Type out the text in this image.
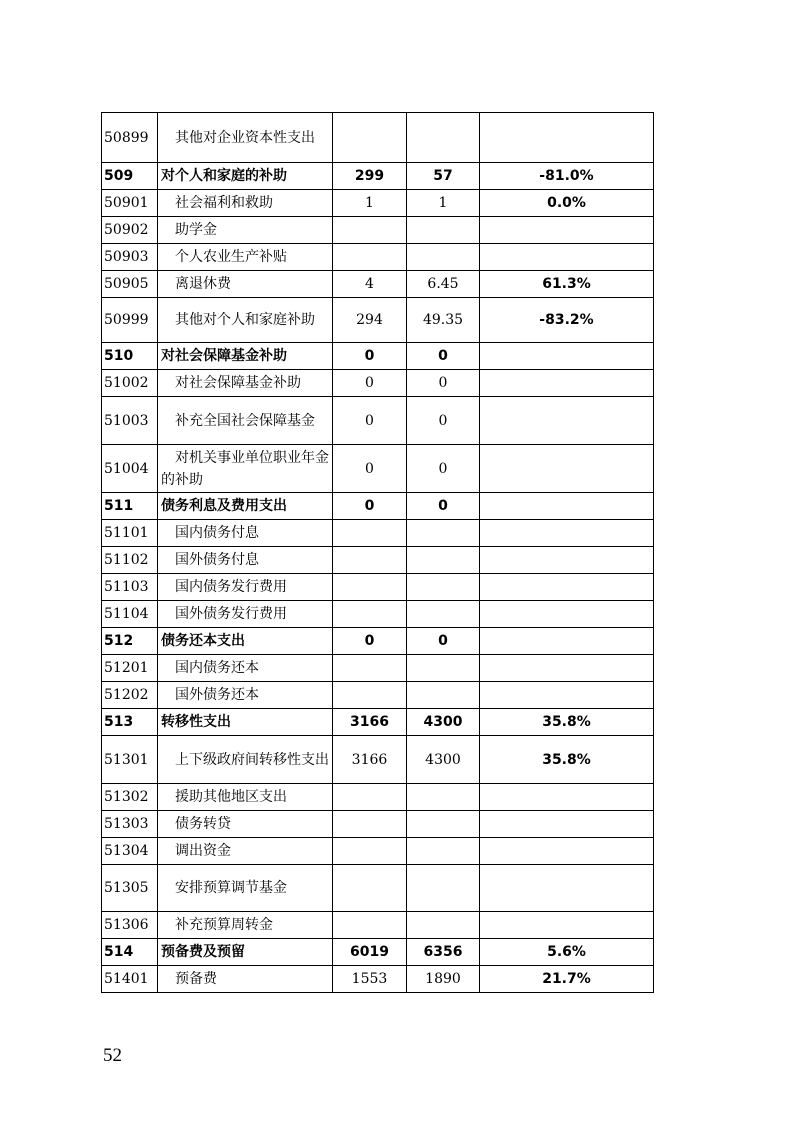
50899	其他对企业资本性支出			
509	对个人和家庭的补助	299	57	-81.0%
50901	社会福利和救助	1	1	0.0%
50902	助学金			
50903	个人农业生产补贴			
50905	离退休费	4	6.45	61.3%
50999	其他对个人和家庭补助	294	49.35	-83.2%
510	对社会保障基金补助	0	0	
51002	对社会保障基金补助	0	0	
51003	补充全国社会保障基金	0	0	
51004	对机关事业单位职业年金的补助	0	0	
511	债务利息及费用支出	0	0	
51101	国内债务付息			
51102	国外债务付息			
51103	国内债务发行费用			
51104	国外债务发行费用			
512	债务还本支出	0	0	
51201	国内债务还本			
51202	国外债务还本			
513	转移性支出	3166	4300	35.8%
51301	上下级政府间转移性支出	3166	4300	35.8%
51302	援助其他地区支出			
51303	债务转贷			
51304	调出资金			
51305	安排预算调节基金			
51306	补充预算周转金			
514	预备费及预留	6019	6356	5.6%
51401	预备费	1553	1890	21.7%
52
